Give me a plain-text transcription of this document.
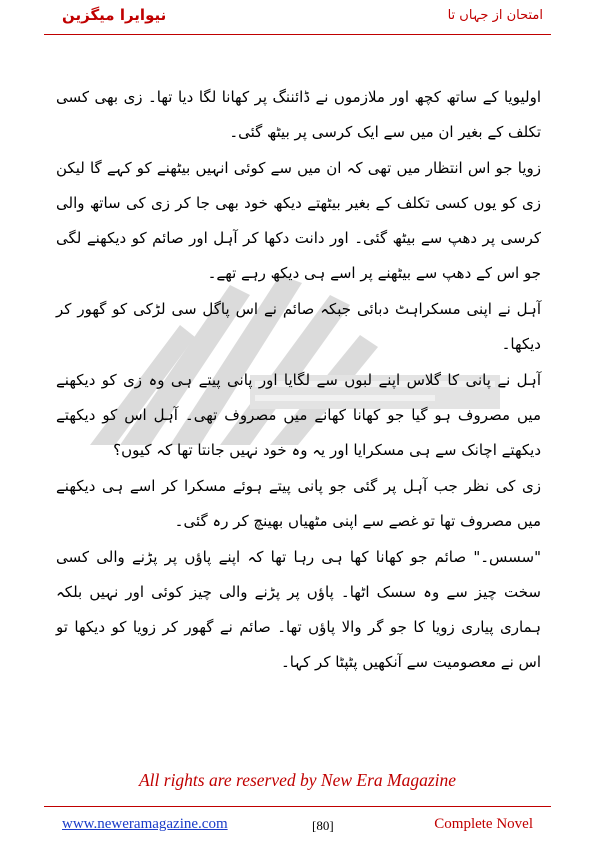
نیوایرا میگزین	امتحان از جہاں تا

اولیویا کے ساتھ کچھ اور ملازموں نے ڈائننگ پر کھانا لگا دیا تھا۔ زی بھی کسی تکلف کے بغیر ان میں سے ایک کرسی پر بیٹھ گئی۔

زویا جو اس انتظار میں تھی کہ ان میں سے کوئی انہیں بیٹھنے کو کہے گا لیکن زی کو یوں کسی تکلف کے بغیر بیٹھتے دیکھ خود بھی جا کر زی کی ساتھ والی کرسی پر دھپ سے بیٹھ گئی۔ اور دانت دکھا کر آہل اور صائم کو دیکھنے لگی جو اس کے دھپ سے بیٹھنے پر اسے ہی دیکھ رہے تھے۔

آہل نے اپنی مسکراہٹ دبائی جبکہ صائم نے اس پاگل سی لڑکی کو گھور کر دیکھا۔

آہل نے پانی کا گلاس اپنے لبوں سے لگایا اور پانی پیتے ہی وہ زی کو دیکھنے میں مصروف ہو گیا جو کھانا کھانے میں مصروف تھی۔ آہل اس کو دیکھتے دیکھتے اچانک سے ہی مسکرایا اور یہ وہ خود نہیں جانتا تھا کہ کیوں؟

زی کی نظر جب آہل پر گئی جو پانی پیتے ہوئے مسکرا کر اسے ہی دیکھنے میں مصروف تھا تو غصے سے اپنی مٹھیاں بھینچ کر رہ گئی۔

"سسس۔" صائم جو کھانا کھا ہی رہا تھا کہ اپنے پاؤں پر پڑنے والی کسی سخت چیز سے وہ سسک اٹھا۔ پاؤں پر پڑنے والی چیز کوئی اور نہیں بلکہ ہماری پیاری زویا کا جو گر والا پاؤں تھا۔ صائم نے گھور کر زویا کو دیکھا تو اس نے معصومیت سے آنکھیں پٹپٹا کر کہا۔

All rights are reserved by New Era Magazine
www.neweramagazine.com	[80]	Complete Novel
